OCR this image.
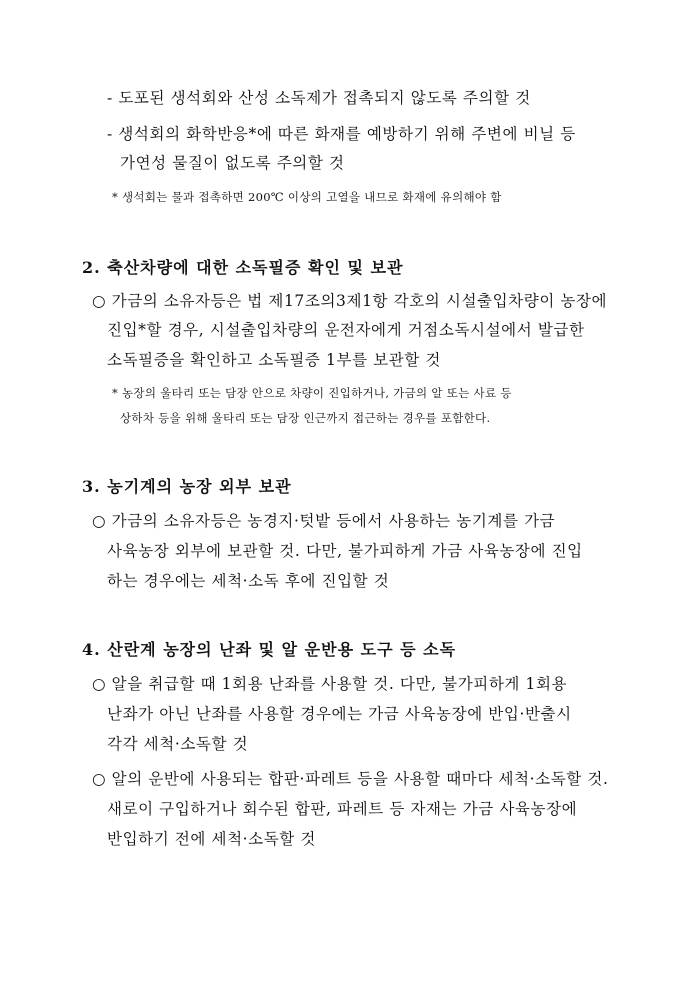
- 도포된 생석회와 산성 소독제가 접촉되지 않도록 주의할 것
- 생석회의 화학반응*에 따른 화재를 예방하기 위해 주변에 비닐 등
가연성 물질이 없도록 주의할 것
* 생석회는 물과 접촉하면 200℃ 이상의 고열을 내므로 화재에 유의해야 함
2. 축산차량에 대한 소독필증 확인 및 보관
○ 가금의 소유자등은 법 제17조의3제1항 각호의 시설출입차량이 농장에
진입*할 경우, 시설출입차량의 운전자에게 거점소독시설에서 발급한
소독필증을 확인하고 소독필증 1부를 보관할 것
* 농장의 울타리 또는 담장 안으로 차량이 진입하거나, 가금의 알 또는 사료 등
상하차 등을 위해 울타리 또는 담장 인근까지 접근하는 경우를 포함한다.
3. 농기계의 농장 외부 보관
○ 가금의 소유자등은 농경지·텃밭 등에서 사용하는 농기계를 가금
사육농장 외부에 보관할 것. 다만, 불가피하게 가금 사육농장에 진입
하는 경우에는 세척·소독 후에 진입할 것
4. 산란계 농장의 난좌 및 알 운반용 도구 등 소독
○ 알을 취급할 때 1회용 난좌를 사용할 것. 다만, 불가피하게 1회용
난좌가 아닌 난좌를 사용할 경우에는 가금 사육농장에 반입·반출시
각각 세척·소독할 것
○ 알의 운반에 사용되는 합판·파레트 등을 사용할 때마다 세척·소독할 것.
새로이 구입하거나 회수된 합판, 파레트 등 자재는 가금 사육농장에
반입하기 전에 세척·소독할 것
